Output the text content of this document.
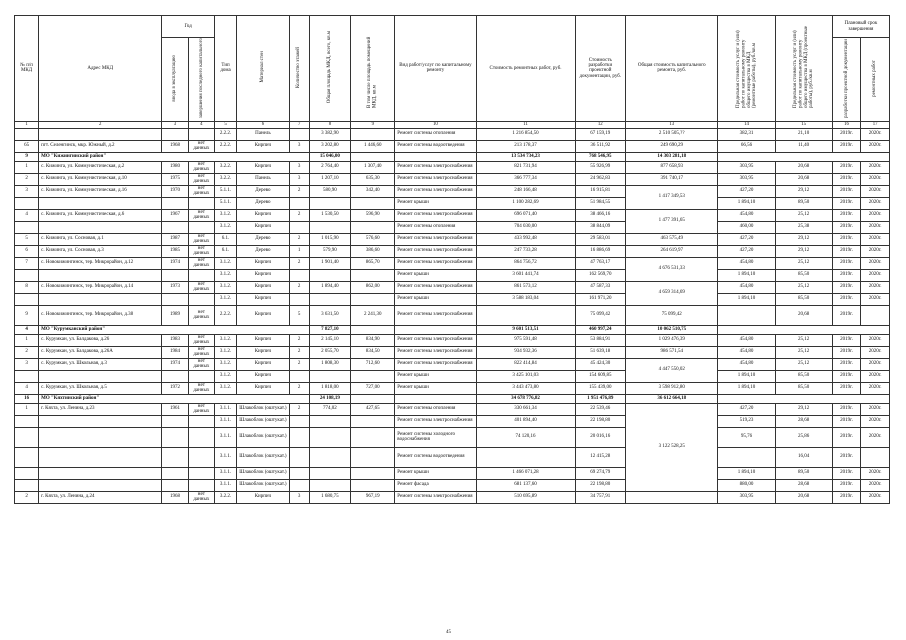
№ п/п МКД	Адрес МКД	Год		Тип дома	Материал стен	Количество этажей	Общая площадь МКД, всего, кв.м	В том числе площадь помещений МКД, кв.м	Вид работ/услуг по капитальному ремонту	Стоимость ремонтных работ, руб.	Стоимость разработки проектной документации, руб.	Общая стоимость капитального ремонта, руб.	Предельная стоимость услуг и (или) работ по капитальному ремонту общего имущества в МКД (ремонтные работы), руб./кв.м	Предельная стоимость услуг и (или) работ по капитальному ремонту общего имущества в МКД (проектные работы), руб./кв.м	Плановый срок завершения	
		ввода в эксплуатацию	завершения последнего капитального												разработки проектной документации	ремонтных работ
1	2	3	4	5	6	7	8	9	10	11	12	13	14	15	16	17
				2.2.2.	Панель		3 382,90		Ремонт системы отопления	1 216 854,50	67 159,19	2 510 505,??	382,31	21,10	2019г.	2020г.
65	пгт. Селенгинск, мкр. Южный, д.2	1968	нет данных	2.2.2.	Кирпич	3	3 202,80	1 446,60	Ремонт системы водоотведения	213 178,37	36 511,92	249 690,29	66,56	11,40	2019г.	2020г.
9	МО "Кижингинский район"						15 046,00			13 534 734,23	768 546,95	14 303 281,18				
1	с. Кижинга, ул. Коммунистическая, д.2	1980	нет данных	3.2.2.	Кирпич	3	2 764,40	1 307,40	Ремонт системы электроснабжения	821 731,94	55 926,99	877 658,93	303,95	20,68	2019г.	2020г.
2	с. Кижинга, ул. Коммунистическая, д.10	1975	нет данных	3.2.2.	Панель	3	1 207,10	635,30	Ремонт системы электроснабжения	366 777,34	24 962,83	391 740,17	303,95	20,68	2019г.	2020г.
3	с. Кижинга, ул. Коммунистическая, д.16	1970	нет данных	5.1.1.	Дерево	2	580,90	342,40	Ремонт системы электроснабжения	248 166,48	16 915,81	1 417 349,53	427,20	29,12	2019г.	2020г.
				5.1.1.	Дерево				Ремонт крыши	1 100 282,69	51 984,55		1 894,10	89,50	2019г.	2020г.
4	с. Кижинга, ул. Коммунистическая, д.6	1967	нет данных	3.1.2.	Кирпич	2	1 530,50	596,90	Ремонт системы электроснабжения	696 071,40	38 466,16	1 477 391,65	454,80	25,12	2019г.	2020г.
				3.1.2.	Кирпич				Ремонт системы отопления	704 030,00	38 844,09		460,00	25,38	2019г.	2020г.
5	с. Кижинга, ул. Сосновая, д.1	1987	нет данных	6.1.	Дерево	2	1 015,90	576,60	Ремонт системы электроснабжения	433 992,48	29 583,01	463 575,49	427,20	29,12	2019г.	2020г.
6	с. Кижинга, ул. Сосновая, д.3	1985	нет данных	6.1.	Дерево	1	579,90	386,60	Ремонт системы электроснабжения	247 733,28	16 886,69	264 619,97	427,20	29,12	2019г.	2020г.
7	с. Новокижингинск, тер. Микрорайон, д.12	1974	нет данных	3.1.2.	Кирпич	2	1 901,40	865,70	Ремонт системы электроснабжения	864 756,72	47 763,17	4 676 531,33	454,80	25,12	2019г.	2020г.
				3.1.2.	Кирпич				Ремонт крыши	3 601 441,74	162 569,70		1 894,10	85,50	2019г.	2020г.
8	с. Новокижингинск, тер. Микрорайон, д.14	1973	нет данных	3.1.2.	Кирпич	2	1 894,40	862,00	Ремонт системы электроснабжения	861 573,12	47 587,33	4 659 314,69	454,80	25,12	2019г.	2020г.
				3.1.2.	Кирпич				Ремонт крыши	3 588 183,04	161 971,20		1 894,10	85,50	2019г.	2020г.
9	с. Новокижингинск, тер. Микрорайон, д.38	1989	нет данных	2.2.2.	Кирпич	5	3 631,50	2 241,30	Ремонт системы электроснабжения		75 099,42	75 099,42		20,68	2019г.	
4	МО "Курумканский район"						7 827,10			9 601 513,51	460 997,24	10 062 510,75				
1	с. Курумкан, ул. Балдакова, д.26	1983	нет данных	3.1.2.	Кирпич	2	2 145,10	834,90	Ремонт системы электроснабжения	975 591,48	53 884,91	1 029 476,39	454,80	25,12	2019г.	2020г.
2	с. Курумкан, ул. Балдакова, д.26А	1984	нет данных	3.1.2.	Кирпич	2	2 055,70	834,50	Ремонт системы электроснабжения	934 932,36	51 639,18	986 571,54	454,80	25,12	2019г.	2020г.
3	с. Курумкан, ул. Школьная, д.3	1974	нет данных	3.1.2.	Кирпич	2	1 808,30	712,60	Ремонт системы электроснабжения	822 414,84	45 424,30	4 447 550,02	454,80	25,12	2019г.	2020г.
				3.1.2.	Кирпич				Ремонт крыши	3 425 101,03	154 609,85		1 894,10	85,50	2019г.	2020г.
4	с. Курумкан, ул. Школьная, д.5	1972	нет данных	3.1.2.	Кирпич	2	1 818,00	727,00	Ремонт крыши	3 443 473,80	155 439,00	3 598 912,80	1 894,10	85,50	2019г.	2020г.
16	МО "Кяхтинский район"						24 108,19			34 678 776,82	1 951 476,89	36 612 664,18				
1	г. Кяхта, ул. Ленина, д.23	1961	нет данных	3.1.1.	Шлакоблок (оштукат.)	2	774,02	427,65	Ремонт системы отопления	330 661,34	22 539,46	3 122 528,25	427,20	29,12	2019г.	2020г.
				3.1.1.	Шлакоблок (оштукат.)				Ремонт системы электроснабжения	401 894,40	22 198,80		519,23	28,68	2019г.	2020г.
				3.1.1.	Шлакоблок (оштукат.)				Ремонт системы холодного водоснабжения	74 120,16	20 016,16		95,76	25,86	2019г.	2020г.
				3.1.1.	Шлакоблок (оштукат.)				Ремонт системы водоотведения		12 415,28			16,04	2019г.	
				3.1.1.	Шлакоблок (оштукат.)				Ремонт крыши	1 466 071,28	69 274,79		1 894,10	89,50	2019г.	2020г.
				3.1.1.	Шлакоблок (оштукат.)				Ремонт фасада	681 137,60	22 198,80		880,00	28,68	2019г.	2020г.
2	г. Кяхта, ул. Ленина, д.24	1968	нет данных	3.2.2.	Кирпич	3	1 680,75	967,19	Ремонт системы электроснабжения	510 695,89	34 757,91		303,95	20,68	2019г.	2020г.
45
